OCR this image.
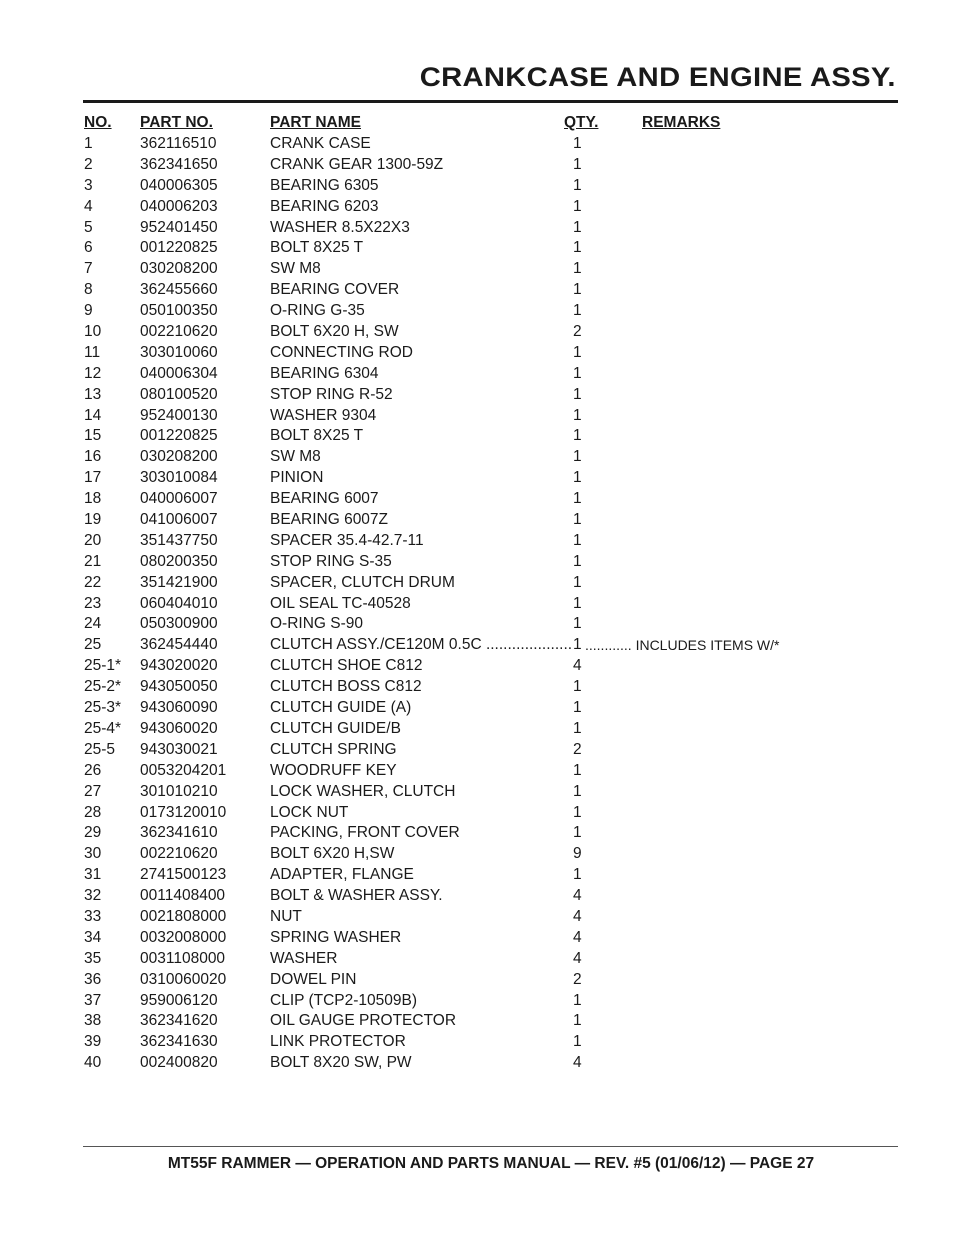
CRANKCASE AND ENGINE ASSY.
NO. PART NO.	PART NAME	QTY.	REMARKS
1	362116510	CRANK CASE	1
2	362341650	CRANK GEAR 1300-59Z	1
3	040006305	BEARING 6305	1
4	040006203	BEARING 6203	1
5	952401450	WASHER 8.5X22X3	1
6	001220825	BOLT 8X25 T	1
7	030208200	SW M8	1
8	362455660	BEARING COVER	1
9	050100350	O-RING G-35	1
10	002210620	BOLT 6X20 H, SW	2
11	303010060	CONNECTING ROD	1
12	040006304	BEARING 6304	1
13	080100520	STOP RING R-52	1
14	952400130	WASHER 9304	1
15	001220825	BOLT 8X25 T	1
16	030208200	SW M8	1
17	303010084	PINION	1
18	040006007	BEARING 6007	1
19	041006007	BEARING 6007Z	1
20	351437750	SPACER 35.4-42.7-11	1
21	080200350	STOP RING S-35	1
22	351421900	SPACER, CLUTCH DRUM	1
23	060404010	OIL SEAL TC-40528	1
24	050300900	O-RING S-90	1
25	362454440	CLUTCH ASSY./CE120M 0.5C .................... 1 ............ INCLUDES ITEMS W/*
25-1* 943020020	CLUTCH SHOE C812	4
25-2* 943050050	CLUTCH BOSS C812	1
25-3* 943060090	CLUTCH GUIDE (A)	1
25-4* 943060020	CLUTCH GUIDE/B	1
25-5 943030021	CLUTCH SPRING	2
26	0053204201	WOODRUFF KEY	1
27	301010210	LOCK WASHER, CLUTCH	1
28	0173120010	LOCK NUT	1
29	362341610	PACKING, FRONT COVER	1
30	002210620	BOLT 6X20 H,SW	9
31	2741500123	ADAPTER, FLANGE	1
32	0011408400	BOLT & WASHER ASSY.	4
33	0021808000	NUT	4
34	0032008000	SPRING WASHER	4
35	0031108000	WASHER	4
36	0310060020	DOWEL PIN	2
37	959006120	CLIP (TCP2-10509B)	1
38	362341620	OIL GAUGE PROTECTOR	1
39	362341630	LINK PROTECTOR	1
40	002400820	BOLT 8X20 SW, PW	4
MT55F RAMMER — OPERATION AND PARTS MANUAL — REV. #5 (01/06/12) — PAGE 27
